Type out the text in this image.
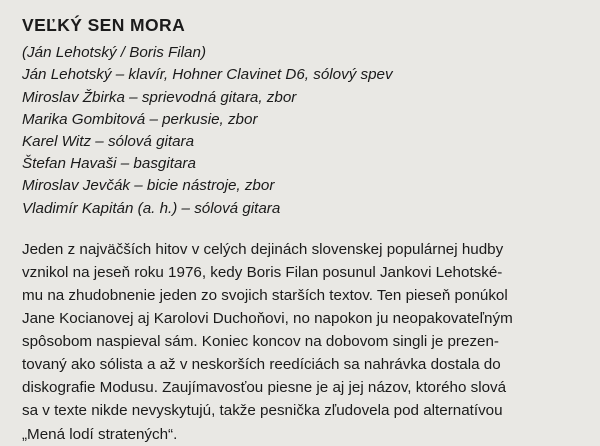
VEĽKÝ SEN MORA
(Ján Lehotský / Boris Filan)
Ján Lehotský – klavír, Hohner Clavinet D6, sólový spev
Miroslav Žbirka – sprievodná gitara, zbor
Marika Gombitová – perkusie, zbor
Karel Witz – sólová gitara
Štefan Havaši – basgitara
Miroslav Jevčák – bicie nástroje, zbor
Vladimír Kapitán (a. h.) – sólová gitara
Jeden z najväčších hitov v celých dejinách slovenskej populárnej hudby
vznikol na jeseň roku 1976, kedy Boris Filan posunul Jankovi Lehotské-
mu na zhudobnenie jeden zo svojich starších textov. Ten pieseň ponúkol
Jane Kocianovej aj Karolovi Duchoňovi, no napokon ju neopakovateľným
spôsobom naspieval sám. Koniec koncov na dobovom singli je prezen-
tovaný ako sólista a až v neskorších reedíciách sa nahrávka dostala do
diskografie Modusu. Zaujímavosťou piesne je aj jej názov, ktorého slová
sa v texte nikde nevyskytujú, takže pesnička zľudovela pod alternatívou
„Mená lodí stratených“.
